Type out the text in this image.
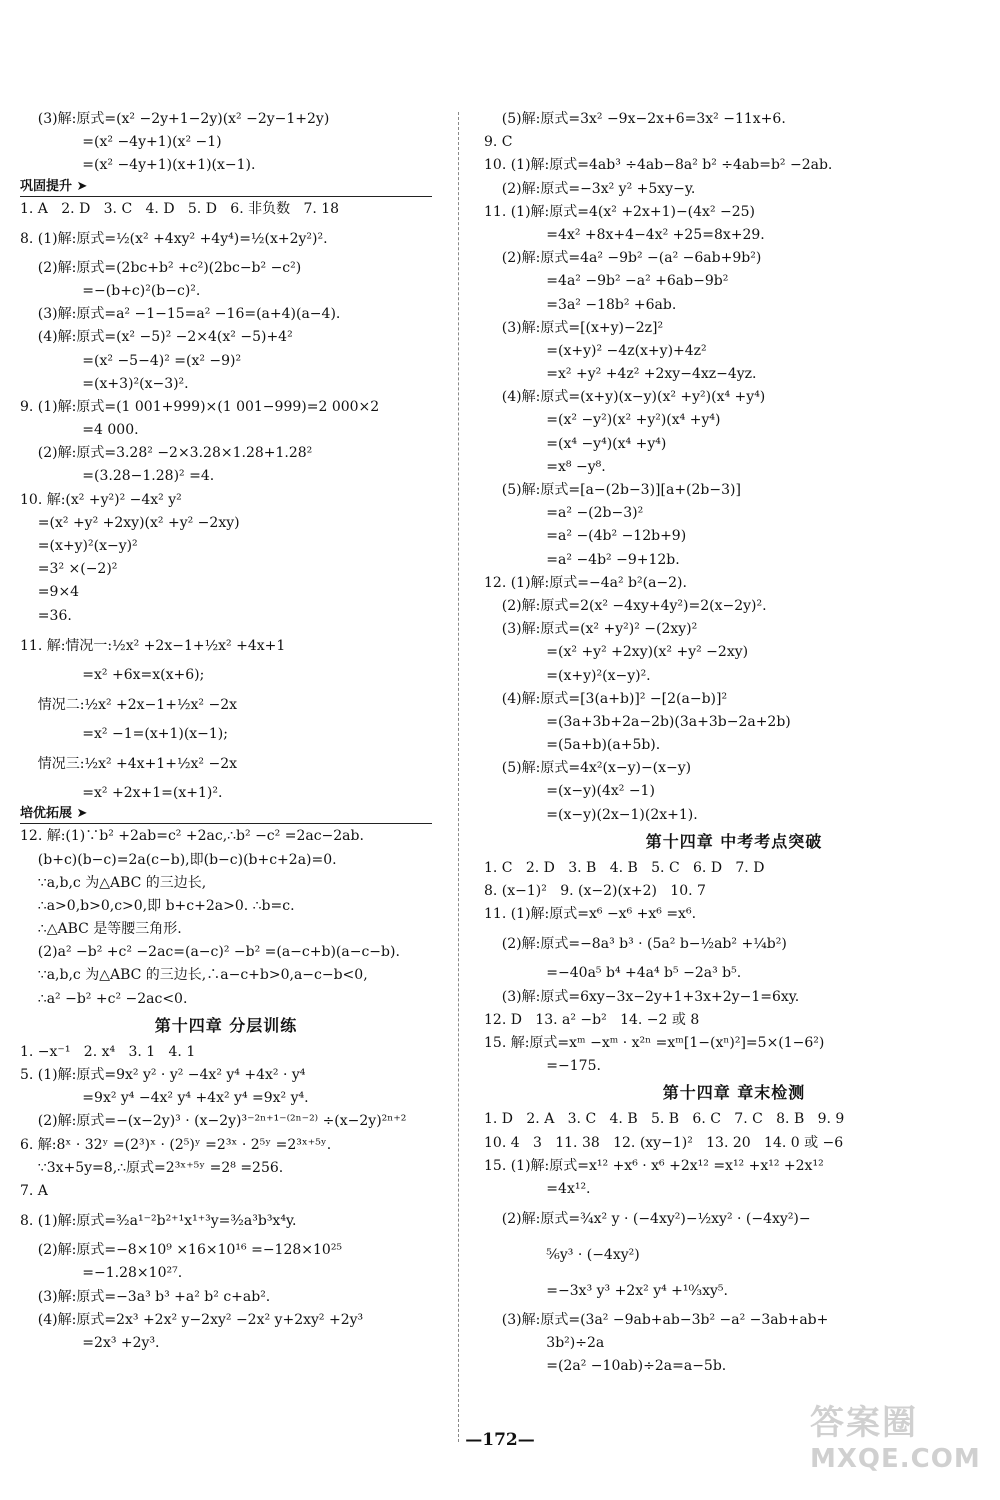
(3)解:原式=(x² −2y+1−2y)(x² −2y−1+2y)
=(x² −4y+1)(x² −1)
=(x² −4y+1)(x+1)(x−1).
巩固提升 ➤
1. A   2. D   3. C   4. D   5. D   6. 非负数   7. 18
8. (1)解:原式=½(x² +4xy² +4y⁴)=½(x+2y²)².
(2)解:原式=(2bc+b² +c²)(2bc−b² −c²)
=−(b+c)²(b−c)².
(3)解:原式=a² −1−15=a² −16=(a+4)(a−4).
(4)解:原式=(x² −5)² −2×4(x² −5)+4²
=(x² −5−4)² =(x² −9)²
=(x+3)²(x−3)².
9. (1)解:原式=(1 001+999)×(1 001−999)=2 000×2
=4 000.
(2)解:原式=3.28² −2×3.28×1.28+1.28²
=(3.28−1.28)² =4.
10. 解:(x² +y²)² −4x² y²
=(x² +y² +2xy)(x² +y² −2xy)
=(x+y)²(x−y)²
=3² ×(−2)²
=9×4
=36.
11. 解:情况一:½x² +2x−1+½x² +4x+1
=x² +6x=x(x+6);
情况二:½x² +2x−1+½x² −2x
=x² −1=(x+1)(x−1);
情况三:½x² +4x+1+½x² −2x
=x² +2x+1=(x+1)².
培优拓展 ➤
12. 解:(1)∵b² +2ab=c² +2ac,∴b² −c² =2ac−2ab.
(b+c)(b−c)=2a(c−b),即(b−c)(b+c+2a)=0.
∵a,b,c 为△ABC 的三边长,
∴a>0,b>0,c>0,即 b+c+2a>0. ∴b=c.
∴△ABC 是等腰三角形.
(2)a² −b² +c² −2ac=(a−c)² −b² =(a−c+b)(a−c−b).
∵a,b,c 为△ABC 的三边长,∴a−c+b>0,a−c−b<0,
∴a² −b² +c² −2ac<0.
第十四章 分层训练
1. −x⁻¹   2. x⁴   3. 1   4. 1
5. (1)解:原式=9x² y² · y² −4x² y⁴ +4x² · y⁴
=9x² y⁴ −4x² y⁴ +4x² y⁴ =9x² y⁴.
(2)解:原式=−(x−2y)³ · (x−2y)³⁻²ⁿ⁺¹⁻⁽²ⁿ⁻²⁾ ÷(x−2y)²ⁿ⁺²
6. 解:8ˣ · 32ʸ =(2³)ˣ · (2⁵)ʸ =2³ˣ · 2⁵ʸ =2³ˣ⁺⁵ʸ.
∵3x+5y=8,∴原式=2³ˣ⁺⁵ʸ =2⁸ =256.
7. A
8. (1)解:原式=³⁄₂a¹⁻²b²⁺¹x¹⁺³y=³⁄₂a³b³x⁴y.
(2)解:原式=−8×10⁹ ×16×10¹⁶ =−128×10²⁵
=−1.28×10²⁷.
(3)解:原式=−3a³ b³ +a² b² c+ab².
(4)解:原式=2x³ +2x² y−2xy² −2x² y+2xy² +2y³
=2x³ +2y³.
(5)解:原式=3x² −9x−2x+6=3x² −11x+6.
9. C
10. (1)解:原式=4ab³ ÷4ab−8a² b² ÷4ab=b² −2ab.
(2)解:原式=−3x² y² +5xy−y.
11. (1)解:原式=4(x² +2x+1)−(4x² −25)
=4x² +8x+4−4x² +25=8x+29.
(2)解:原式=4a² −9b² −(a² −6ab+9b²)
=4a² −9b² −a² +6ab−9b²
=3a² −18b² +6ab.
(3)解:原式=[(x+y)−2z]²
=(x+y)² −4z(x+y)+4z²
=x² +y² +4z² +2xy−4xz−4yz.
(4)解:原式=(x+y)(x−y)(x² +y²)(x⁴ +y⁴)
=(x² −y²)(x² +y²)(x⁴ +y⁴)
=(x⁴ −y⁴)(x⁴ +y⁴)
=x⁸ −y⁸.
(5)解:原式=[a−(2b−3)][a+(2b−3)]
=a² −(2b−3)²
=a² −(4b² −12b+9)
=a² −4b² −9+12b.
12. (1)解:原式=−4a² b²(a−2).
(2)解:原式=2(x² −4xy+4y²)=2(x−2y)².
(3)解:原式=(x² +y²)² −(2xy)²
=(x² +y² +2xy)(x² +y² −2xy)
=(x+y)²(x−y)².
(4)解:原式=[3(a+b)]² −[2(a−b)]²
=(3a+3b+2a−2b)(3a+3b−2a+2b)
=(5a+b)(a+5b).
(5)解:原式=4x²(x−y)−(x−y)
=(x−y)(4x² −1)
=(x−y)(2x−1)(2x+1).
第十四章 中考考点突破
1. C   2. D   3. B   4. B   5. C   6. D   7. D
8. (x−1)²   9. (x−2)(x+2)   10. 7
11. (1)解:原式=x⁶ −x⁶ +x⁶ =x⁶.
(2)解:原式=−8a³ b³ · (5a² b−½ab² +¼b²)
=−40a⁵ b⁴ +4a⁴ b⁵ −2a³ b⁵.
(3)解:原式=6xy−3x−2y+1+3x+2y−1=6xy.
12. D   13. a² −b²   14. −2 或 8
15. 解:原式=xᵐ −xᵐ · x²ⁿ =xᵐ[1−(xⁿ)²]=5×(1−6²)
=−175.
第十四章 章末检测
1. D   2. A   3. C   4. B   5. B   6. C   7. C   8. B   9. 9
10. 4   3   11. 38   12. (xy−1)²   13. 20   14. 0 或 −6
15. (1)解:原式=x¹² +x⁶ · x⁶ +2x¹² =x¹² +x¹² +2x¹²
=4x¹².
(2)解:原式=¾x² y · (−4xy²)−½xy² · (−4xy²)−
⅚y³ · (−4xy²)
=−3x³ y³ +2x² y⁴ +¹⁰⁄₃xy⁵.
(3)解:原式=(3a² −9ab+ab−3b² −a² −3ab+ab+
3b²)÷2a
=(2a² −10ab)÷2a=a−5b.
—172—	答案圈
MXQE.COM
